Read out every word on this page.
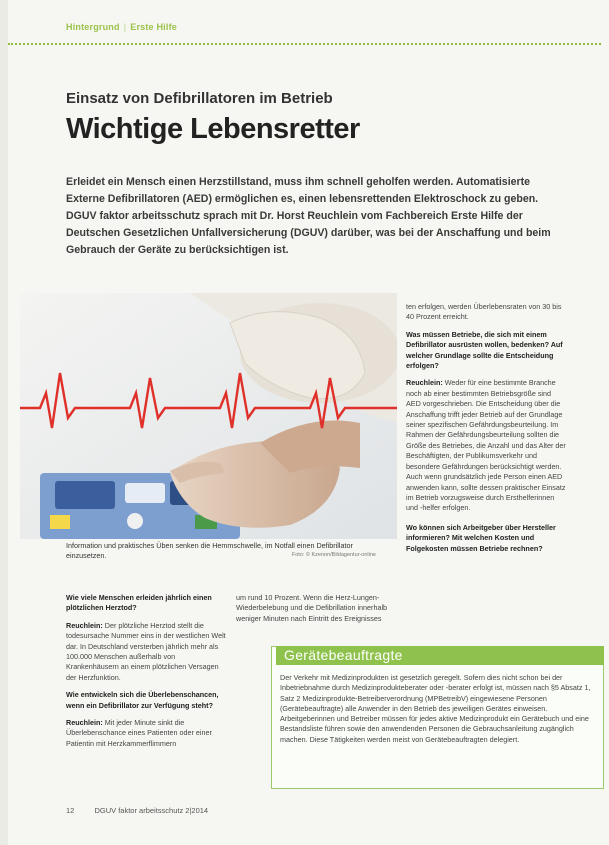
Hintergrund | Erste Hilfe
Einsatz von Defibrillatoren im Betrieb
Wichtige Lebensretter
Erleidet ein Mensch einen Herzstillstand, muss ihm schnell geholfen werden. Automatisierte Externe Defibrillatoren (AED) ermöglichen es, einen lebensrettenden Elektroschock zu geben. DGUV faktor arbeitsschutz sprach mit Dr. Horst Reuchlein vom Fachbereich Erste Hilfe der Deutschen Gesetzlichen Unfallversicherung (DGUV) darüber, was bei der Anschaffung und beim Gebrauch der Geräte zu berücksichtigen ist.
Information und praktisches Üben senken die Hemmschwelle, im Notfall einen Defibrillator einzusetzen.	Foto: © Kzenon/Bildagentur-online

ten erfolgen, werden Überlebensraten von 30 bis 40 Prozent erreicht.

Was müssen Betriebe, die sich mit einem Defibrillator ausrüsten wollen, bedenken? Auf welcher Grundlage sollte die Entscheidung erfolgen?

Reuchlein: Weder für eine bestimmte Branche noch ab einer bestimmten Betriebsgröße sind AED vorgeschrieben. Die Entscheidung über die Anschaffung trifft jeder Betrieb auf der Grundlage seiner spezifischen Gefährdungsbeurteilung. Im Rahmen der Gefährdungsbeurteilung sollten die Größe des Betriebes, die Anzahl und das Alter der Beschäftigten, der Publikumsverkehr und besondere Gefährdungen berücksichtigt werden. Auch wenn grundsätzlich jede Person einen AED anwenden kann, sollte dessen praktischer Einsatz im Betrieb vorzugsweise durch Ersthelferinnen und -helfer erfolgen.

Wo können sich Arbeitgeber über Hersteller informieren? Mit welchen Kosten und Folgekosten müssen Betriebe rechnen?

Wie viele Menschen erleiden jährlich einen plötzlichen Herztod?

Reuchlein: Der plötzliche Herztod stellt die todesursache Nummer eins in der westlichen Welt dar. In Deutschland versterben jährlich mehr als 100.000 Menschen außerhalb von Krankenhäusern an einem plötzlichen Versagen der Herzfunktion.

Wie entwickeln sich die Überlebenschancen, wenn ein Defibrillator zur Verfügung steht?

Reuchlein: Mit jeder Minute sinkt die Überlebenschance eines Patienten oder einer Patientin mit Herzkammerflimmern

um rund 10 Prozent. Wenn die Herz-Lungen-Wiederbelebung und die Defibrillation innerhalb weniger Minuten nach Eintritt des Ereignisses

Gerätebeauftragte
Der Verkehr mit Medizinprodukten ist gesetzlich geregelt. Sofern dies nicht schon bei der Inbetriebnahme durch Medizinprodukteberater oder -berater erfolgt ist, müssen nach §5 Absatz 1, Satz 2 Medizinprodukte-Betreiberverordnung (MPBetreibV) eingewiesene Personen (Gerätebeauftragte) alle Anwender in den Betrieb des jeweiligen Gerätes einweisen. Arbeitgeberinnen und Betreiber müssen für jedes aktive Medizinprodukt ein Gerätebuch und eine Bestandsliste führen sowie den anwendenden Personen die Gebrauchsanleitung zugänglich machen. Diese Tätigkeiten werden meist von Gerätebeauftragten delegiert.
12	DGUV faktor arbeitsschutz 2|2014
